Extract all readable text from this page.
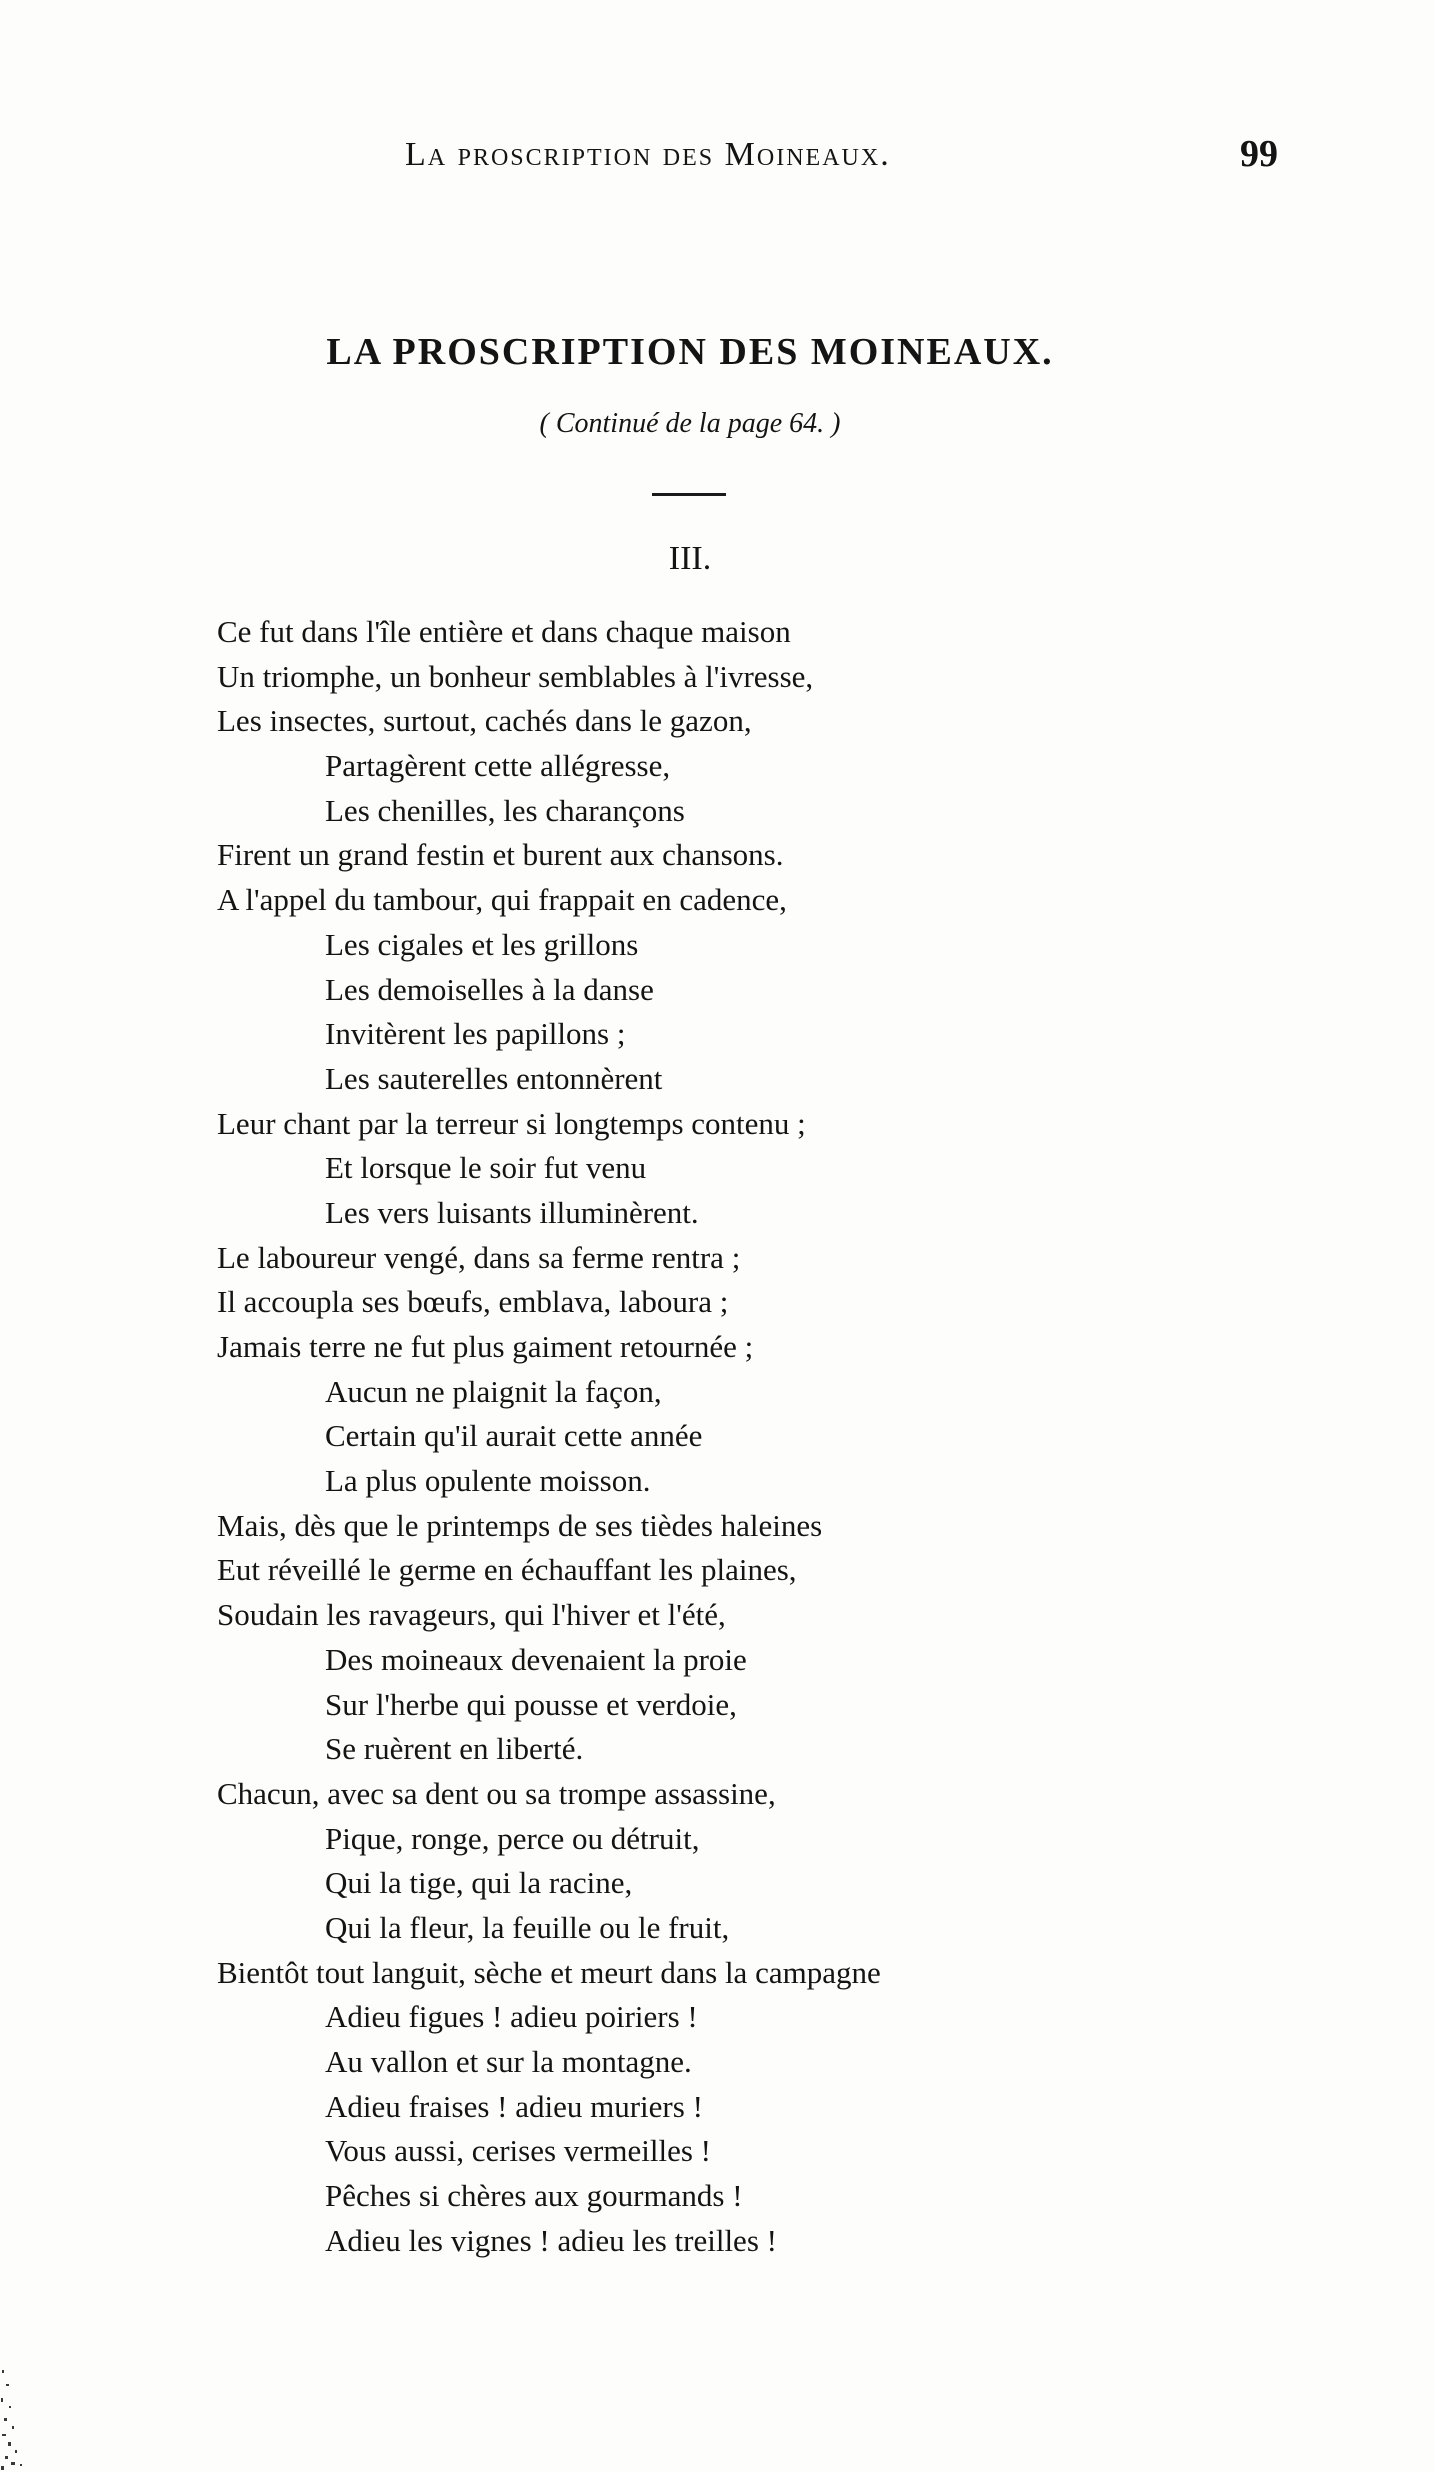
La proscription des Moineaux.	99
LA PROSCRIPTION DES MOINEAUX.
( Continué de la page 64. )
III.
Ce fut dans l'île entière et dans chaque maison
Un triomphe, un bonheur semblables à l'ivresse,
Les insectes, surtout, cachés dans le gazon,
Partagèrent cette allégresse,
Les chenilles, les charançons
Firent un grand festin et burent aux chansons.
A l'appel du tambour, qui frappait en cadence,
Les cigales et les grillons
Les demoiselles à la danse
Invitèrent les papillons ;
Les sauterelles entonnèrent
Leur chant par la terreur si longtemps contenu ;
Et lorsque le soir fut venu
Les vers luisants illuminèrent.
Le laboureur vengé, dans sa ferme rentra ;
Il accoupla ses bœufs, emblava, laboura ;
Jamais terre ne fut plus gaiment retournée ;
Aucun ne plaignit la façon,
Certain qu'il aurait cette année
La plus opulente moisson.
Mais, dès que le printemps de ses tièdes haleines
Eut réveillé le germe en échauffant les plaines,
Soudain les ravageurs, qui l'hiver et l'été,
Des moineaux devenaient la proie
Sur l'herbe qui pousse et verdoie,
Se ruèrent en liberté.
Chacun, avec sa dent ou sa trompe assassine,
Pique, ronge, perce ou détruit,
Qui la tige, qui la racine,
Qui la fleur, la feuille ou le fruit,
Bientôt tout languit, sèche et meurt dans la campagne
Adieu figues ! adieu poiriers !
Au vallon et sur la montagne.
Adieu fraises ! adieu muriers !
Vous aussi, cerises vermeilles !
Pêches si chères aux gourmands !
Adieu les vignes ! adieu les treilles !
